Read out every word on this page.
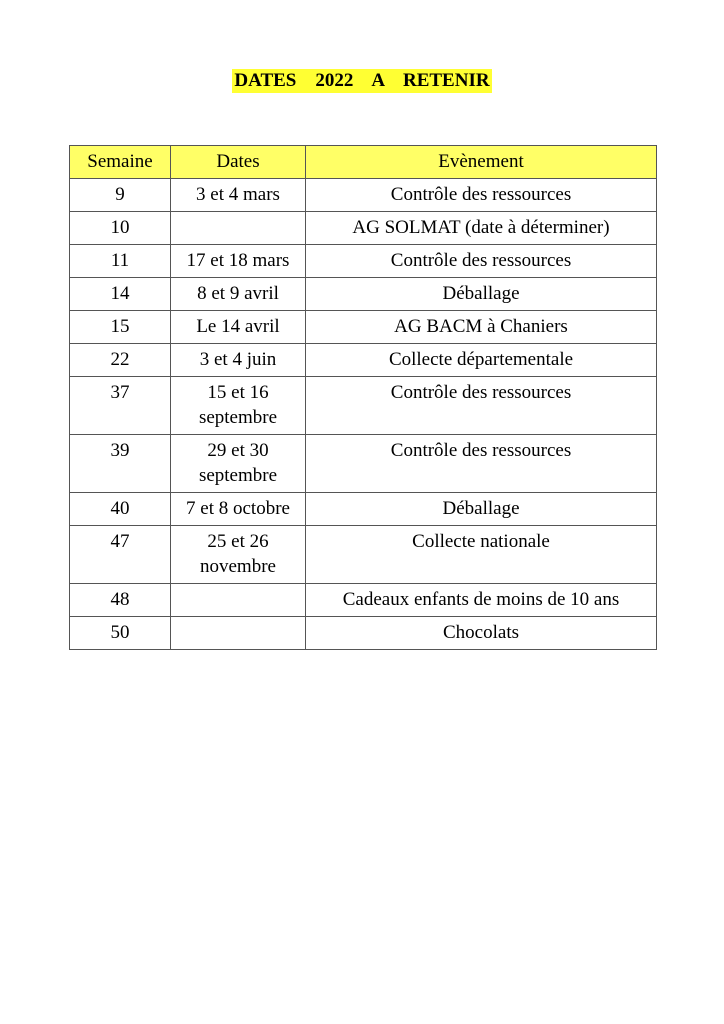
DATES    2022    A    RETENIR
Semaine	Dates	Evènement
9	3 et 4 mars	Contrôle des ressources
10		AG SOLMAT (date à déterminer)
11	17 et 18 mars	Contrôle des ressources
14	8 et 9 avril	Déballage
15	Le 14 avril	AG BACM à Chaniers
22	3 et 4 juin	Collecte départementale
37	15 et 16 septembre	Contrôle des ressources
39	29 et 30 septembre	Contrôle des ressources
40	7 et 8 octobre	Déballage
47	25 et 26 novembre	Collecte nationale
48		Cadeaux enfants de moins de 10 ans
50		Chocolats
